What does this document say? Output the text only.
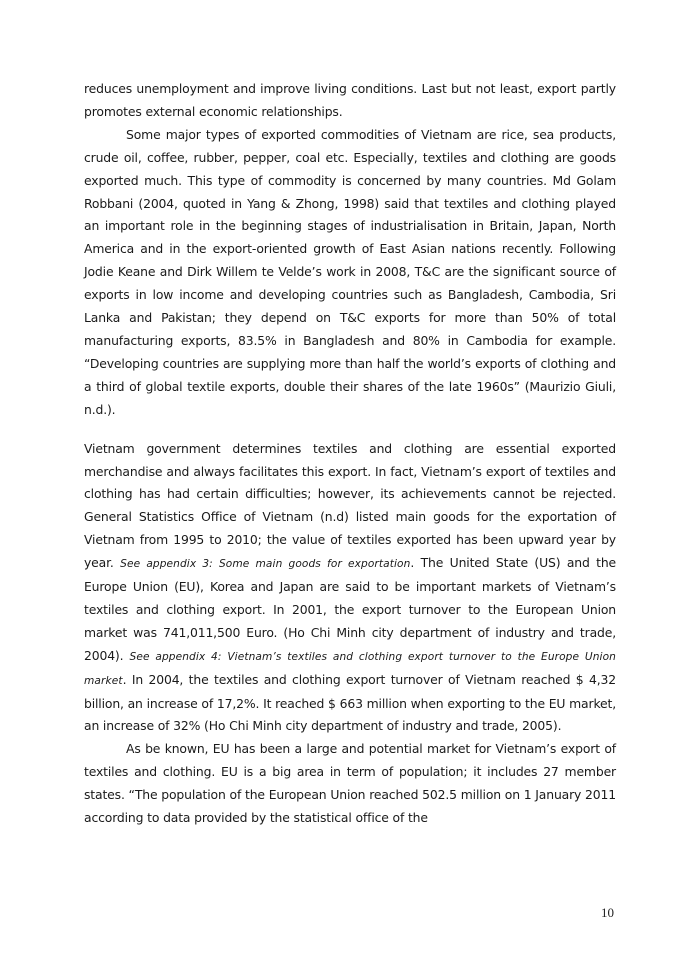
reduces unemployment and improve living conditions. Last but not least, export partly promotes external economic relationships.

Some major types of exported commodities of Vietnam are rice, sea products, crude oil, coffee, rubber, pepper, coal etc. Especially, textiles and clothing are goods exported much. This type of commodity is concerned by many countries. Md Golam Robbani (2004, quoted in Yang & Zhong, 1998) said that textiles and clothing played an important role in the beginning stages of industrialisation in Britain, Japan, North America and in the export-oriented growth of East Asian nations recently. Following Jodie Keane and Dirk Willem te Velde’s work in 2008, T&C are the significant source of exports in low income and developing countries such as Bangladesh, Cambodia, Sri Lanka and Pakistan; they depend on T&C exports for more than 50% of total manufacturing exports, 83.5% in Bangladesh and 80% in Cambodia for example. “Developing countries are supplying more than half the world’s exports of clothing and a third of global textile exports, double their shares of the late 1960s” (Maurizio Giuli, n.d.).

Vietnam government determines textiles and clothing are essential exported merchandise and always facilitates this export. In fact, Vietnam’s export of textiles and clothing has had certain difficulties; however, its achievements cannot be rejected. General Statistics Office of Vietnam (n.d) listed main goods for the exportation of Vietnam from 1995 to 2010; the value of textiles exported has been upward year by year. See appendix 3: Some main goods for exportation. The United State (US) and the Europe Union (EU), Korea and Japan are said to be important markets of Vietnam’s textiles and clothing export. In 2001, the export turnover to the European Union market was 741,011,500 Euro. (Ho Chi Minh city department of industry and trade, 2004). See appendix 4: Vietnam’s textiles and clothing export turnover to the Europe Union market. In 2004, the textiles and clothing export turnover of Vietnam reached $ 4,32 billion, an increase of 17,2%. It reached $ 663 million when exporting to the EU market, an increase of 32% (Ho Chi Minh city department of industry and trade, 2005).

As be known, EU has been a large and potential market for Vietnam’s export of textiles and clothing. EU is a big area in term of population; it includes 27 member states. “The population of the European Union reached 502.5 million on 1 January 2011 according to data provided by the statistical office of the

10
